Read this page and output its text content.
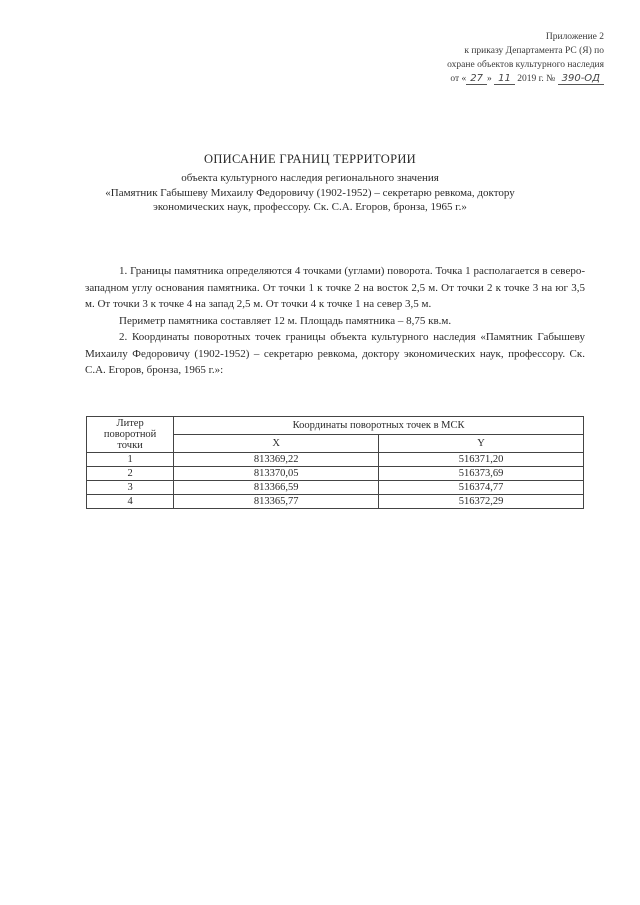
Приложение 2
к приказу Департамента РС (Я) по
охране объектов культурного наследия
от « 27 » 11 2019 г. № 390-ОД
ОПИСАНИЕ ГРАНИЦ ТЕРРИТОРИИ

объекта культурного наследия регионального значения

«Памятник Габышеву Михаилу Федоровичу (1902-1952) – секретарю ревкома, доктору

экономических наук, профессору. Ск. С.А. Егоров, бронза, 1965 г.»

1. Границы памятника определяются 4 точками (углами) поворота. Точка 1 располагается в северо-западном углу основания памятника. От точки 1 к точке 2 на восток 2,5 м. От точки 2 к точке 3 на юг 3,5 м. От точки 3 к точке 4 на запад 2,5 м. От точки 4 к точке 1 на север 3,5 м.

Периметр памятника составляет 12 м. Площадь памятника – 8,75 кв.м.

2. Координаты поворотных точек границы объекта культурного наследия «Памятник Габышеву Михаилу Федоровичу (1902-1952) – секретарю ревкома, доктору экономических наук, профессору. Ск. С.А. Егоров, бронза, 1965 г.»:

Литер поворотной точки	Координаты поворотных точек в МСК	
	X	Y
1	813369,22	516371,20
2	813370,05	516373,69
3	813366,59	516374,77
4	813365,77	516372,29
